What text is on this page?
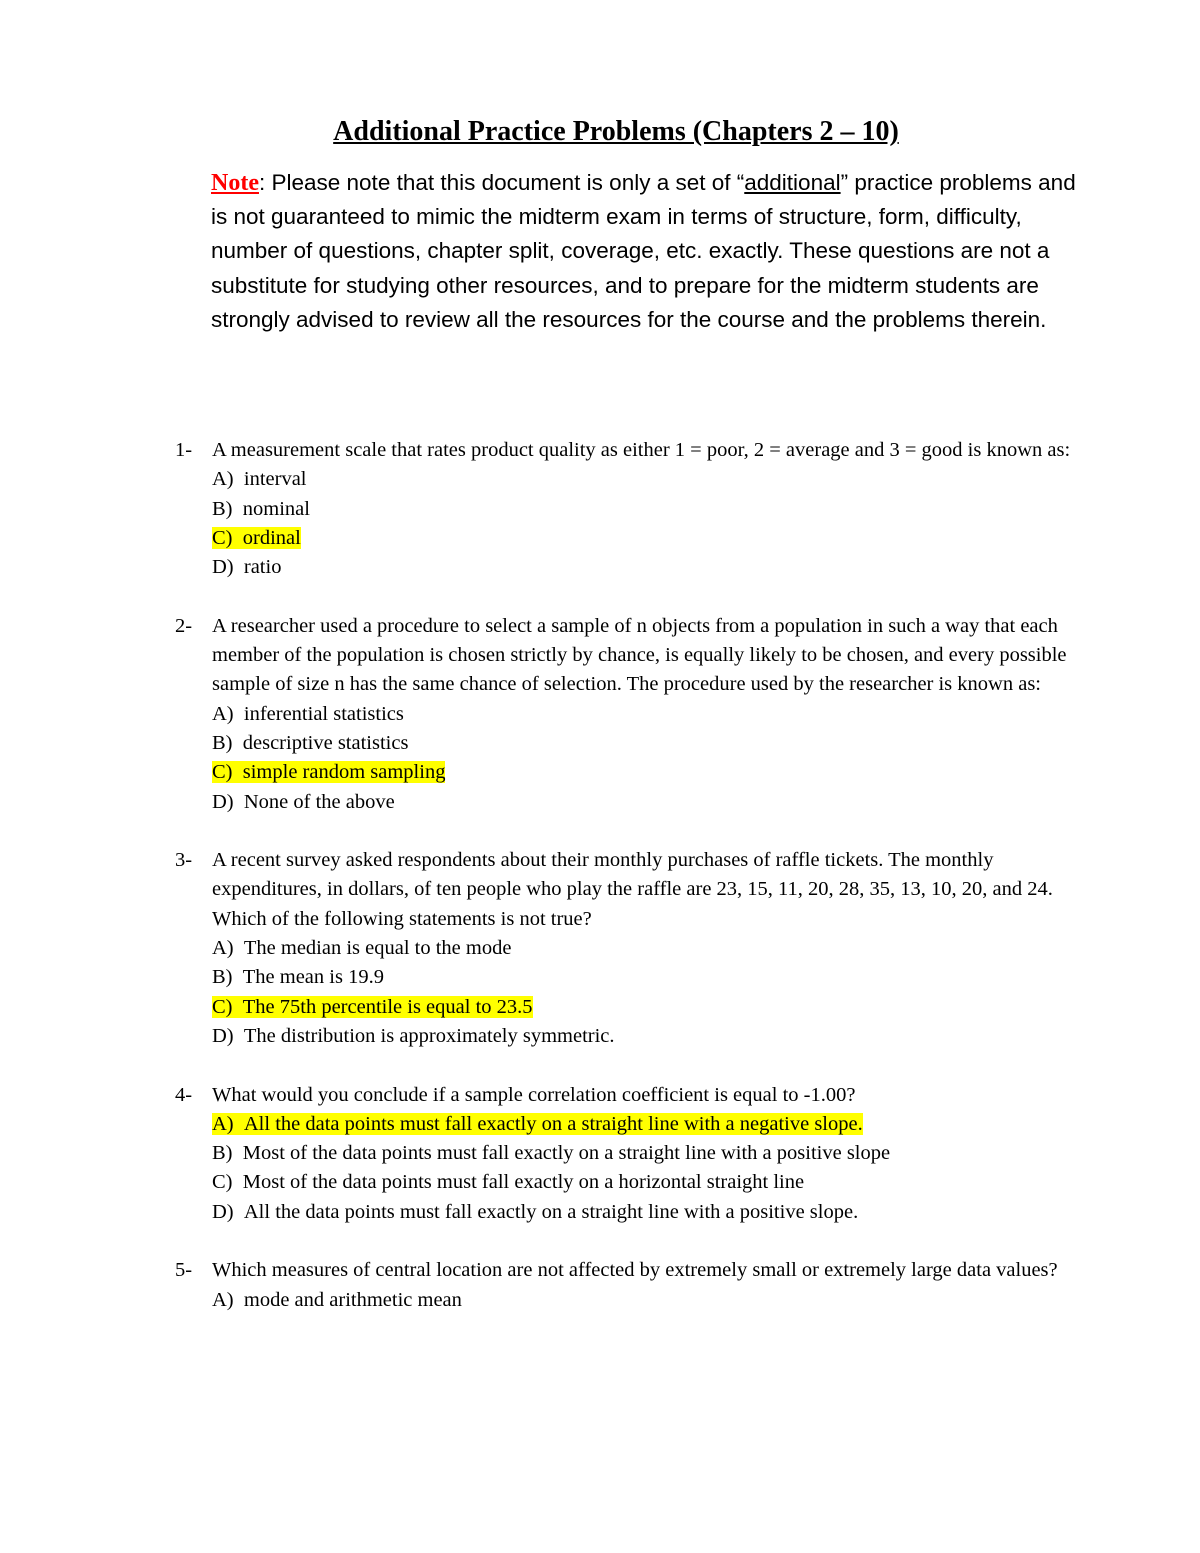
Additional Practice Problems (Chapters 2 – 10)
Note: Please note that this document is only a set of “additional” practice problems and is not guaranteed to mimic the midterm exam in terms of structure, form, difficulty, number of questions, chapter split, coverage, etc. exactly. These questions are not a substitute for studying other resources, and to prepare for the midterm students are strongly advised to review all the resources for the course and the problems therein.
1- A measurement scale that rates product quality as either 1 = poor, 2 = average and 3 = good is known as:
A)  interval
B)  nominal
C)  ordinal
D)  ratio
2- A researcher used a procedure to select a sample of n objects from a population in such a way that each member of the population is chosen strictly by chance, is equally likely to be chosen, and every possible sample of size n has the same chance of selection. The procedure used by the researcher is known as:
A)  inferential statistics
B)  descriptive statistics
C)  simple random sampling
D)  None of the above
3- A recent survey asked respondents about their monthly purchases of raffle tickets. The monthly expenditures, in dollars, of ten people who play the raffle are 23, 15, 11, 20, 28, 35, 13, 10, 20, and 24. Which of the following statements is not true?
A)  The median is equal to the mode
B)  The mean is 19.9
C)  The 75th percentile is equal to 23.5
D)  The distribution is approximately symmetric.
4- What would you conclude if a sample correlation coefficient is equal to -1.00?
A)  All the data points must fall exactly on a straight line with a negative slope.
B)  Most of the data points must fall exactly on a straight line with a positive slope
C)  Most of the data points must fall exactly on a horizontal straight line
D)  All the data points must fall exactly on a straight line with a positive slope.
5- Which measures of central location are not affected by extremely small or extremely large data values?
A)  mode and arithmetic mean
